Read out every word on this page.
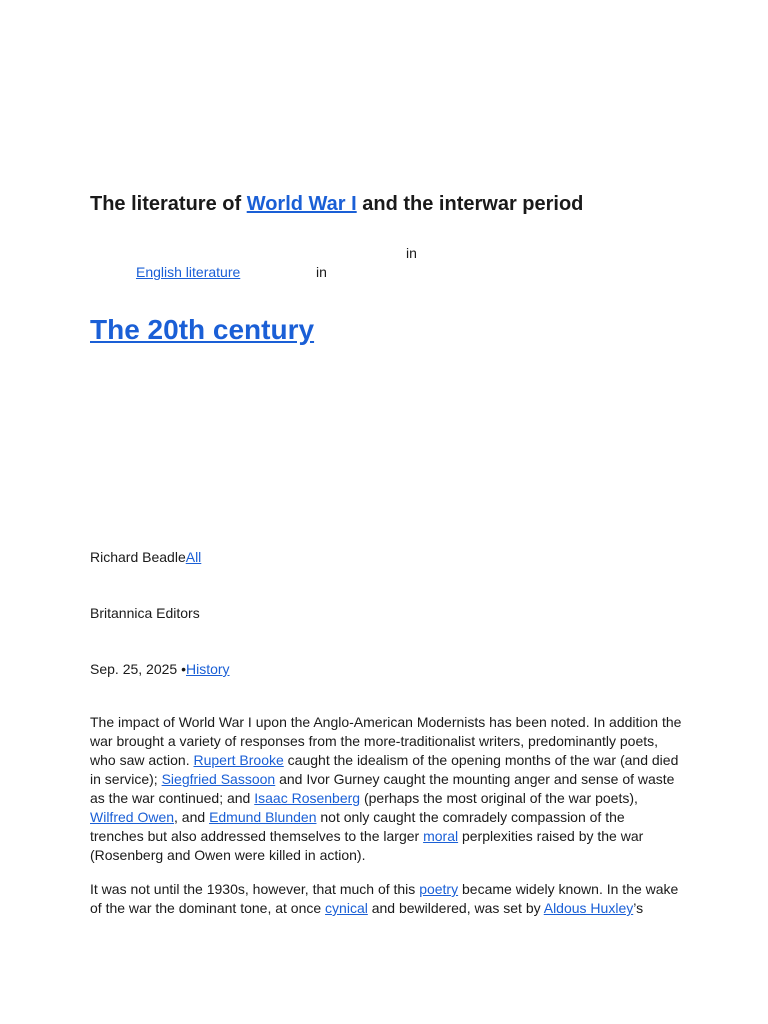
The literature of World War I and the interwar period
in
English literature	in
The 20th century
Richard BeadleAll
Britannica Editors
Sep. 25, 2025 •History

The impact of World War I upon the Anglo-American Modernists has been noted. In addition the war brought a variety of responses from the more-traditionalist writers, predominantly poets, who saw action. Rupert Brooke caught the idealism of the opening months of the war (and died in service); Siegfried Sassoon and Ivor Gurney caught the mounting anger and sense of waste as the war continued; and Isaac Rosenberg (perhaps the most original of the war poets), Wilfred Owen, and Edmund Blunden not only caught the comradely compassion of the trenches but also addressed themselves to the larger moral perplexities raised by the war (Rosenberg and Owen were killed in action).

It was not until the 1930s, however, that much of this poetry became widely known. In the wake of the war the dominant tone, at once cynical and bewildered, was set by Aldous Huxley’s
